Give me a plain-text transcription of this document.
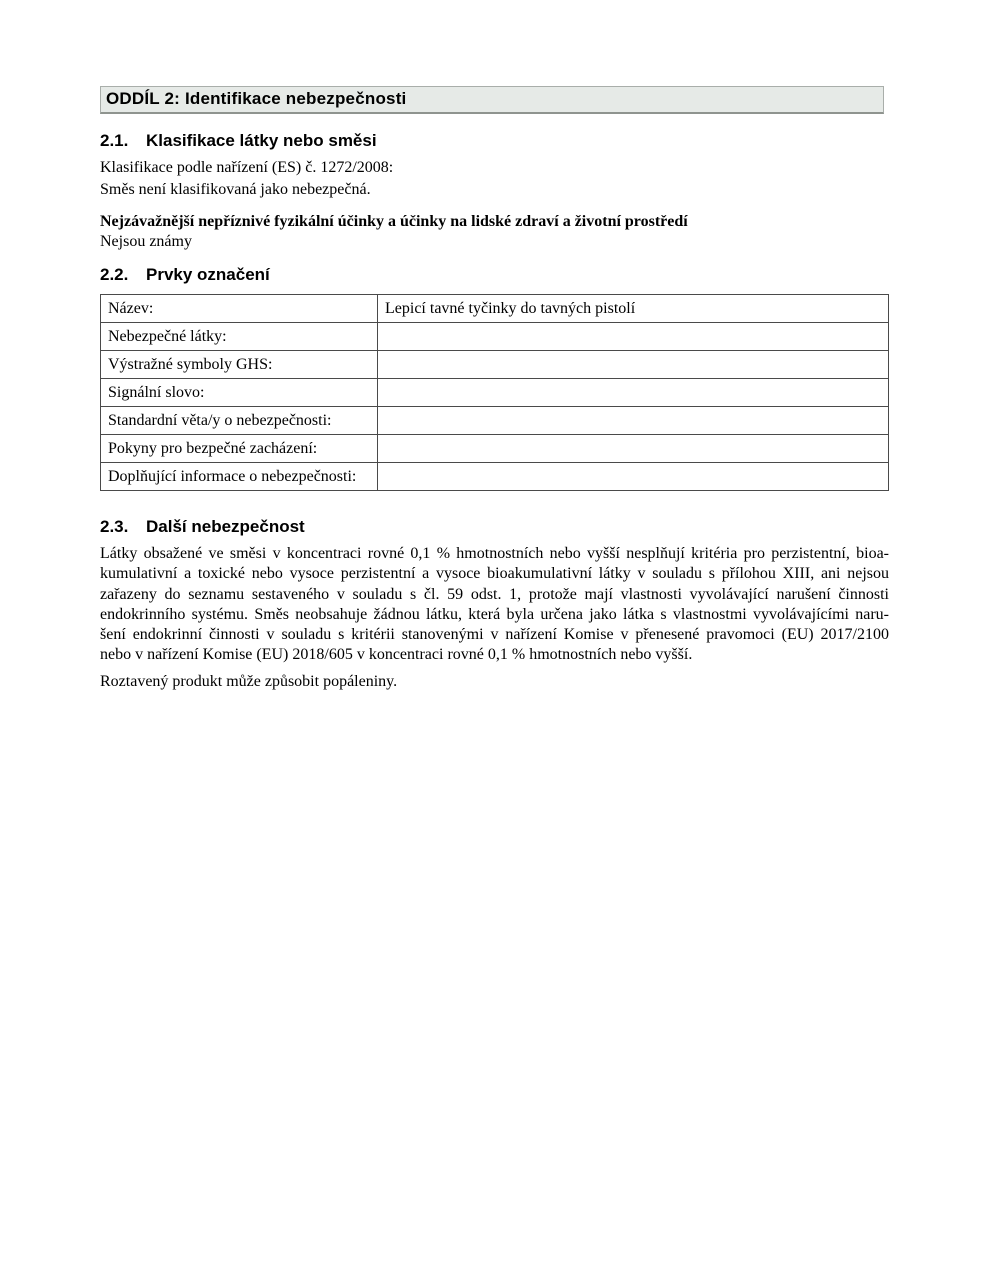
ODDÍL 2: Identifikace nebezpečnosti
2.1. Klasifikace látky nebo směsi
Klasifikace podle nařízení (ES) č. 1272/2008:
Směs není klasifikovaná jako nebezpečná.
Nejzávažnější nepříznivé fyzikální účinky a účinky na lidské zdraví a životní prostředí
Nejsou známy
2.2. Prvky označení
Název:	Lepicí tavné tyčinky do tavných pistolí
Nebezpečné látky:	
Výstražné symboly GHS:	
Signální slovo:	
Standardní věta/y o nebezpečnosti:	
Pokyny pro bezpečné zacházení:	
Doplňující informace o nebezpečnosti:	
2.3. Další nebezpečnost
Látky obsažené ve směsi v koncentraci rovné 0,1 % hmotnostních nebo vyšší nesplňují kritéria pro perzistentní, bioa-
kumulativní a toxické nebo vysoce perzistentní a vysoce bioakumulativní látky v souladu s přílohou XIII, ani nejsou
zařazeny do seznamu sestaveného v souladu s čl. 59 odst. 1, protože mají vlastnosti vyvolávající narušení činnosti
endokrinního systému. Směs neobsahuje žádnou látku, která byla určena jako látka s vlastnostmi vyvolávajícími naru-
šení endokrinní činnosti v souladu s kritérii stanovenými v nařízení Komise v přenesené pravomoci (EU) 2017/2100
nebo v nařízení Komise (EU) 2018/605 v koncentraci rovné 0,1 % hmotnostních nebo vyšší.
Roztavený produkt může způsobit popáleniny.
